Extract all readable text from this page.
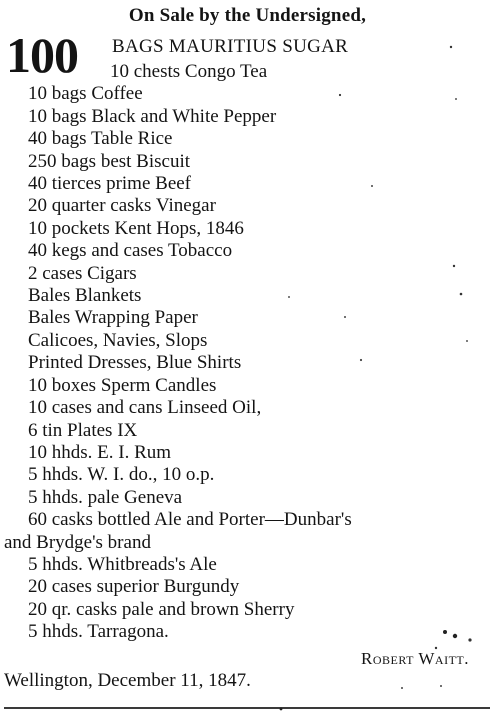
On Sale by the Undersigned,
100 BAGS MAURITIUS SUGAR
10 chests Congo Tea
10 bags Coffee
10 bags Black and White Pepper
40 bags Table Rice
250 bags best Biscuit
40 tierces prime Beef
20 quarter casks Vinegar
10 pockets Kent Hops, 1846
40 kegs and cases Tobacco
2 cases Cigars
Bales Blankets
Bales Wrapping Paper
Calicoes, Navies, Slops
Printed Dresses, Blue Shirts
10 boxes Sperm Candles
10 cases and cans Linseed Oil,
6 tin Plates IX
10 hhds. E. I. Rum
5 hhds. W. I. do., 10 o.p.
5 hhds. pale Geneva
60 casks bottled Ale and Porter—Dunbar's
and Brydge's brand
5 hhds. Whitbreads's Ale
20 cases superior Burgundy
20 qr. casks pale and brown Sherry
5 hhds. Tarragona.
Robert Waitt.
Wellington, December 11, 1847.
